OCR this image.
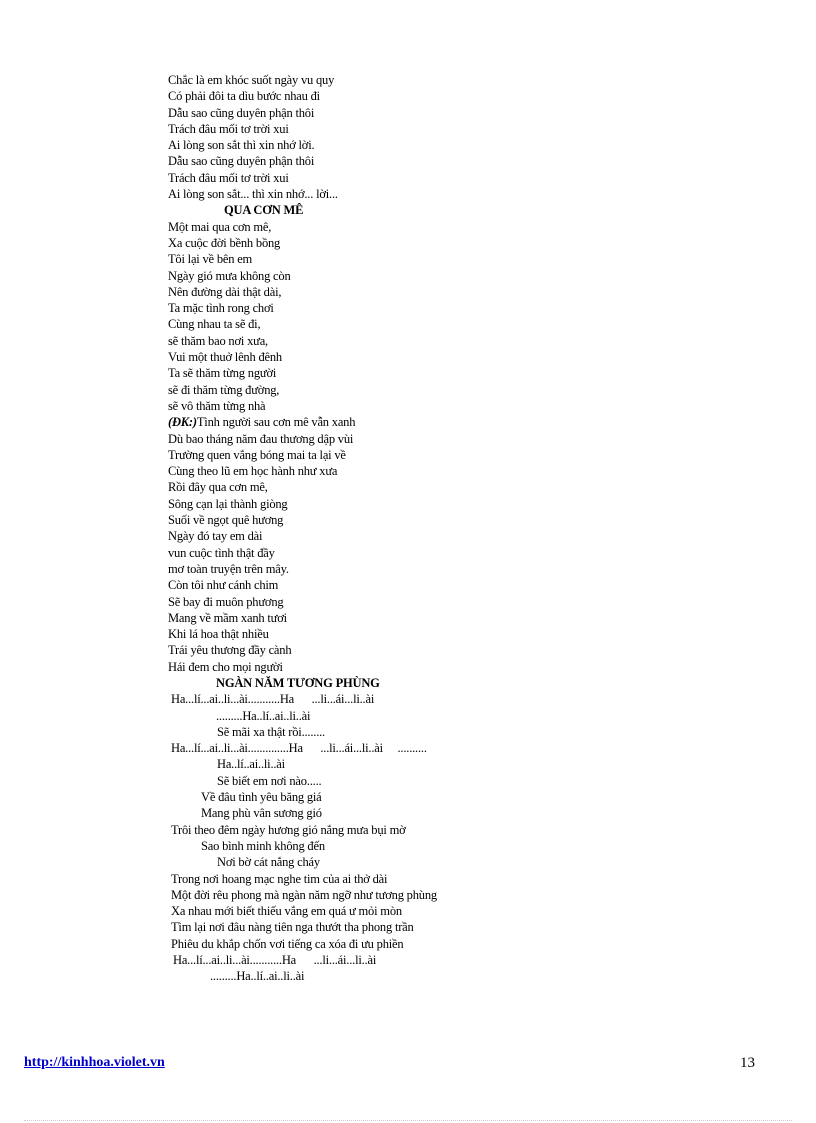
Chắc là em khóc suốt ngày vu quy
Có phải đôi ta dìu bước nhau đi
Dẫu sao cũng duyên phận thôi
Trách đâu mối tơ trời xui
Ai lòng son sắt thì xin nhớ lời.
Dẫu sao cũng duyên phận thôi
Trách đâu mối tơ trời xui
Ai lòng son sắt... thì xin nhớ... lời...
QUA CƠN MÊ
Một mai qua cơn mê,
Xa cuộc đời bềnh bồng
Tôi lại về bên em
Ngày gió mưa không còn
Nên đường dài thật dài,
Ta mặc tình rong chơi
Cùng nhau ta sẽ đi,
sẽ thăm bao nơi xưa,
Vui một thuở lênh đênh
Ta sẽ thăm từng người
sẽ đi thăm từng đường,
sẽ vô thăm từng nhà
(ĐK:)Tình người sau cơn mê vẫn xanh
Dù bao tháng năm đau thương dập vùi
Trường quen vắng bóng mai ta lại về
Cùng theo lũ em học hành như xưa
Rồi đây qua cơn mê,
Sông cạn lại thành giòng
Suối về ngọt quê hương
Ngày đó tay em dài
vun cuộc tình thật đầy
mơ toàn truyện trên mây.
Còn tôi như cánh chim
Sẽ bay đi muôn phương
Mang về mầm xanh tươi
Khi lá hoa thật nhiều
Trái yêu thương đầy cành
Hái đem cho mọi người
NGÀN NĂM TƯƠNG PHÙNG
Ha...lí...ai..li...ài...........Ha      ...li...ái...li..ài
.........Ha..lí..ai..li..ài
Sẽ mãi xa thật rồi........
Ha...lí...ai..li...ài..............Ha      ...li...ái...li..ài     ..........
Ha..lí..ai..li..ài
Sẽ biết em nơi nào.....
Về đâu tình yêu băng giá
Mang phù vân sương gió
Trôi theo đêm ngày hương gió nắng mưa bụi mờ
Sao bình minh không đến
Nơi bờ cát nắng cháy
Trong nơi hoang mạc nghe tim của ai thở dài
Một đời rêu phong mà ngàn năm ngỡ như tương phùng
Xa nhau mới biết thiếu vắng em quá ư mỏi mòn
Tìm lại nơi đâu nàng tiên nga thướt tha phong trần
Phiêu du khắp chốn vơi tiếng ca xóa đi ưu phiền
Ha...lí...ai..li...ài...........Ha      ...li...ái...li..ài
.........Ha..lí..ai..li..ài
http://kinhhoa.violet.vn	13
